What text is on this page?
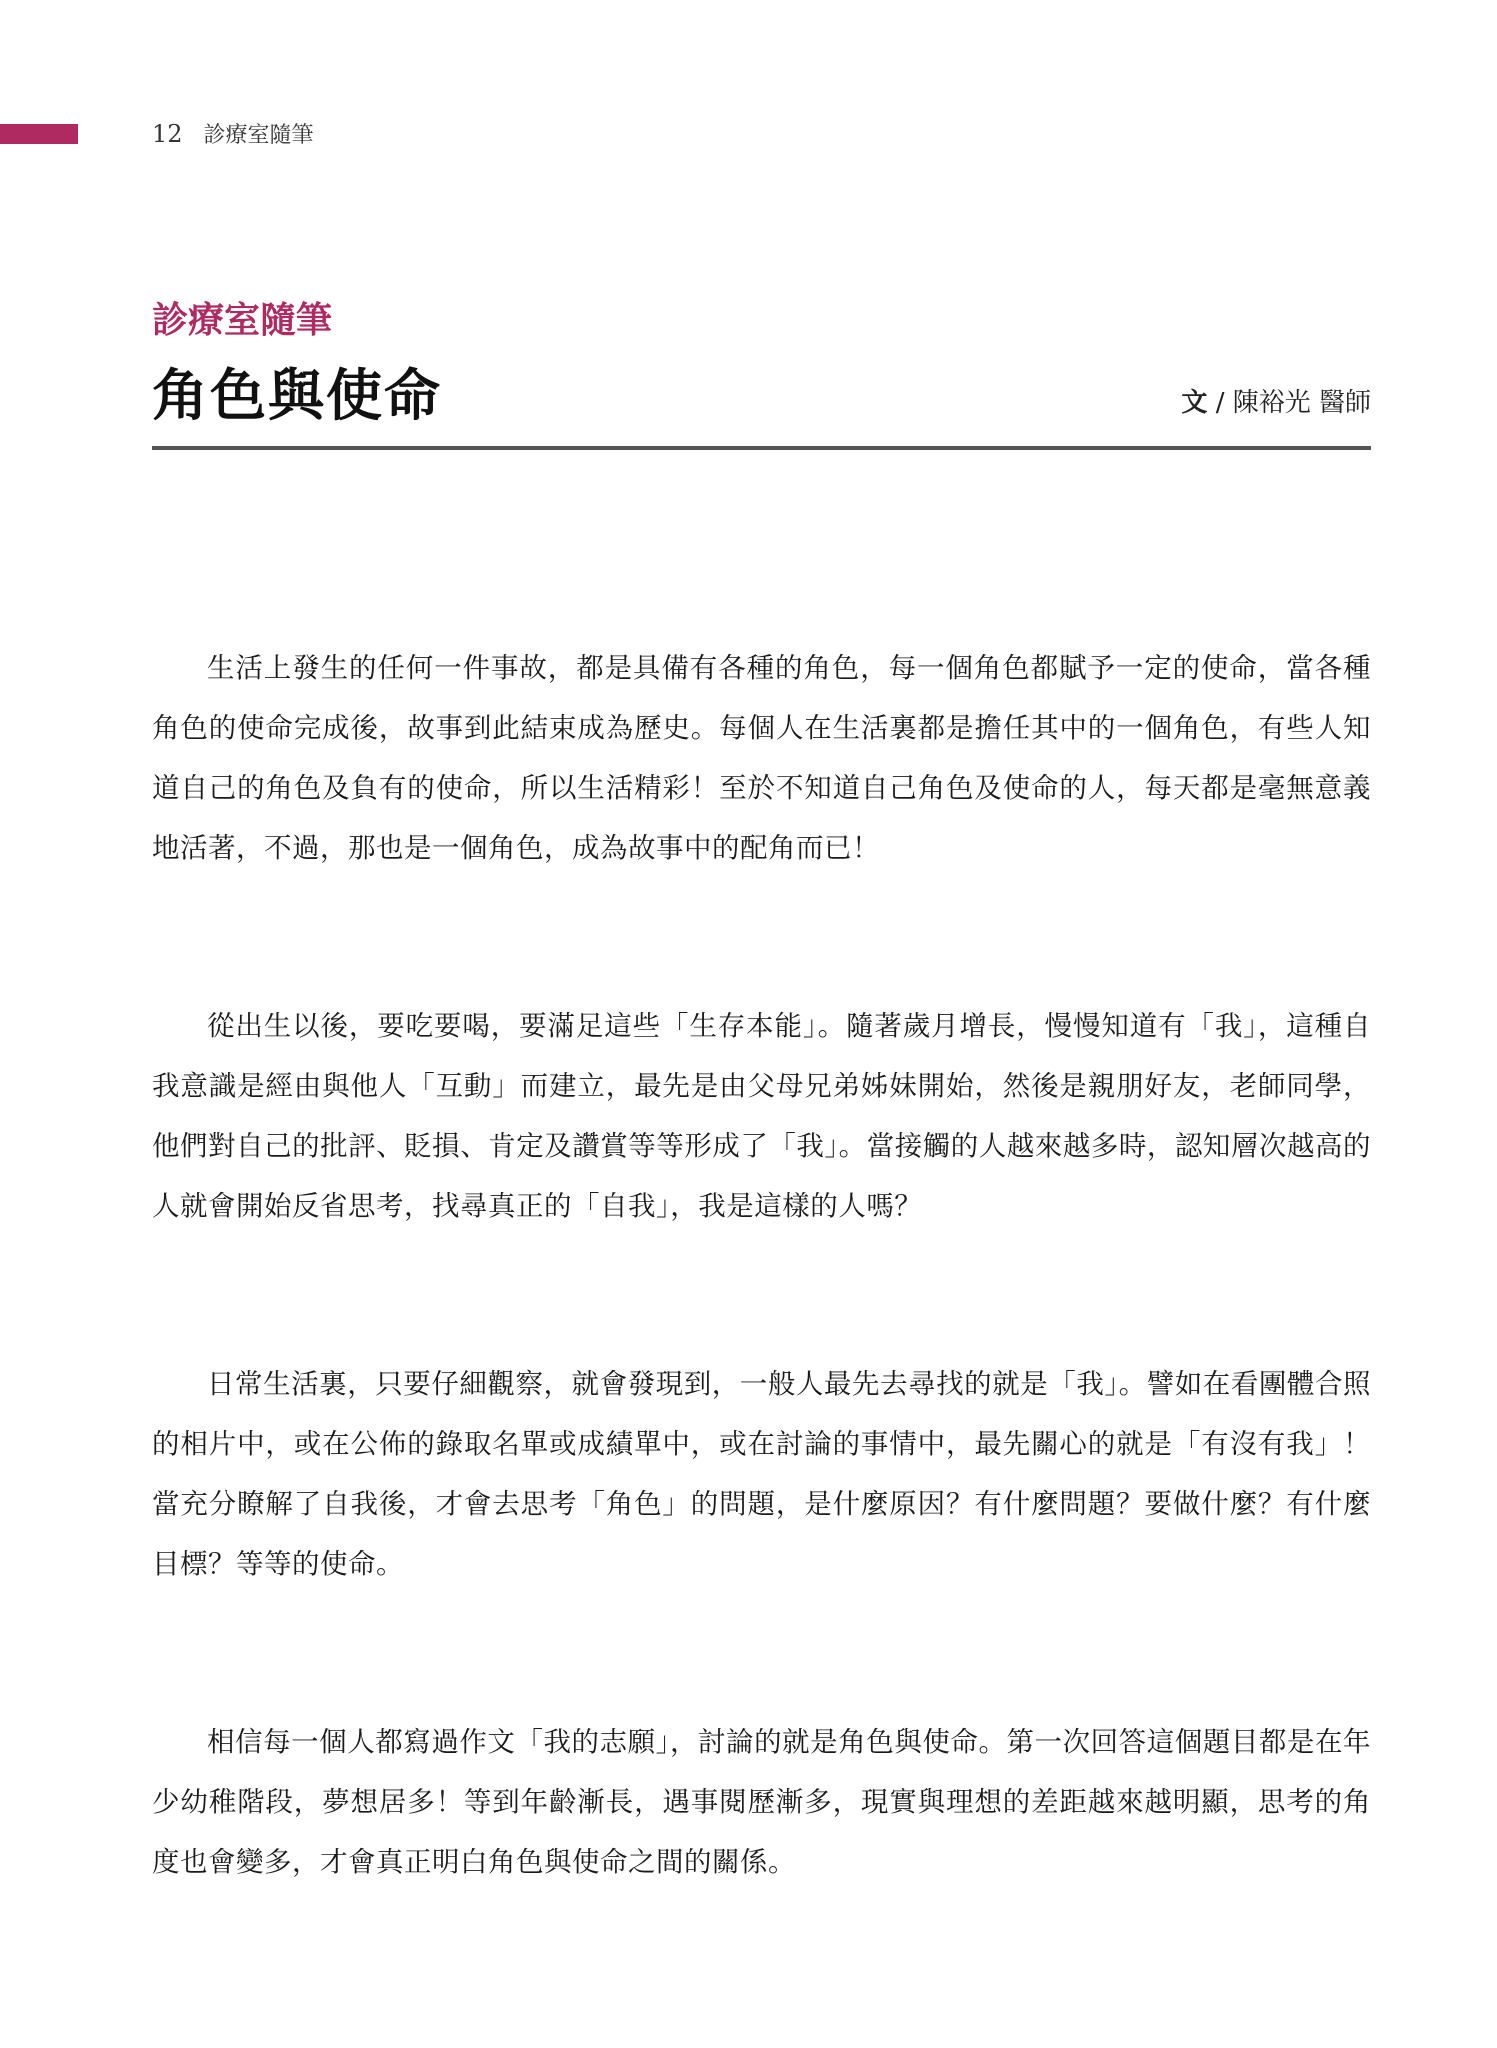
12 診療室隨筆
診療室隨筆
角色與使命	文 / 陳裕光 醫師

生活上發生的任何一件事故，都是具備有各種的角色，每一個角色都賦予一定的使命，當各種角色的使命完成後，故事到此結束成為歷史。每個人在生活裏都是擔任其中的一個角色，有些人知道自己的角色及負有的使命，所以生活精彩！至於不知道自己角色及使命的人，每天都是毫無意義地活著，不過，那也是一個角色，成為故事中的配角而已！

從出生以後，要吃要喝，要滿足這些「生存本能」。隨著歲月增長，慢慢知道有「我」，這種自我意識是經由與他人「互動」而建立，最先是由父母兄弟姊妹開始，然後是親朋好友，老師同學，他們對自己的批評、貶損、肯定及讚賞等等形成了「我」。當接觸的人越來越多時，認知層次越高的人就會開始反省思考，找尋真正的「自我」，我是這樣的人嗎？

日常生活裏，只要仔細觀察，就會發現到，一般人最先去尋找的就是「我」。譬如在看團體合照的相片中，或在公佈的錄取名單或成績單中，或在討論的事情中，最先關心的就是「有沒有我」！當充分瞭解了自我後，才會去思考「角色」的問題，是什麼原因？有什麼問題？要做什麼？有什麼目標？等等的使命。

相信每一個人都寫過作文「我的志願」，討論的就是角色與使命。第一次回答這個題目都是在年少幼稚階段，夢想居多！等到年齡漸長，遇事閱歷漸多，現實與理想的差距越來越明顯，思考的角度也會變多，才會真正明白角色與使命之間的關係。
